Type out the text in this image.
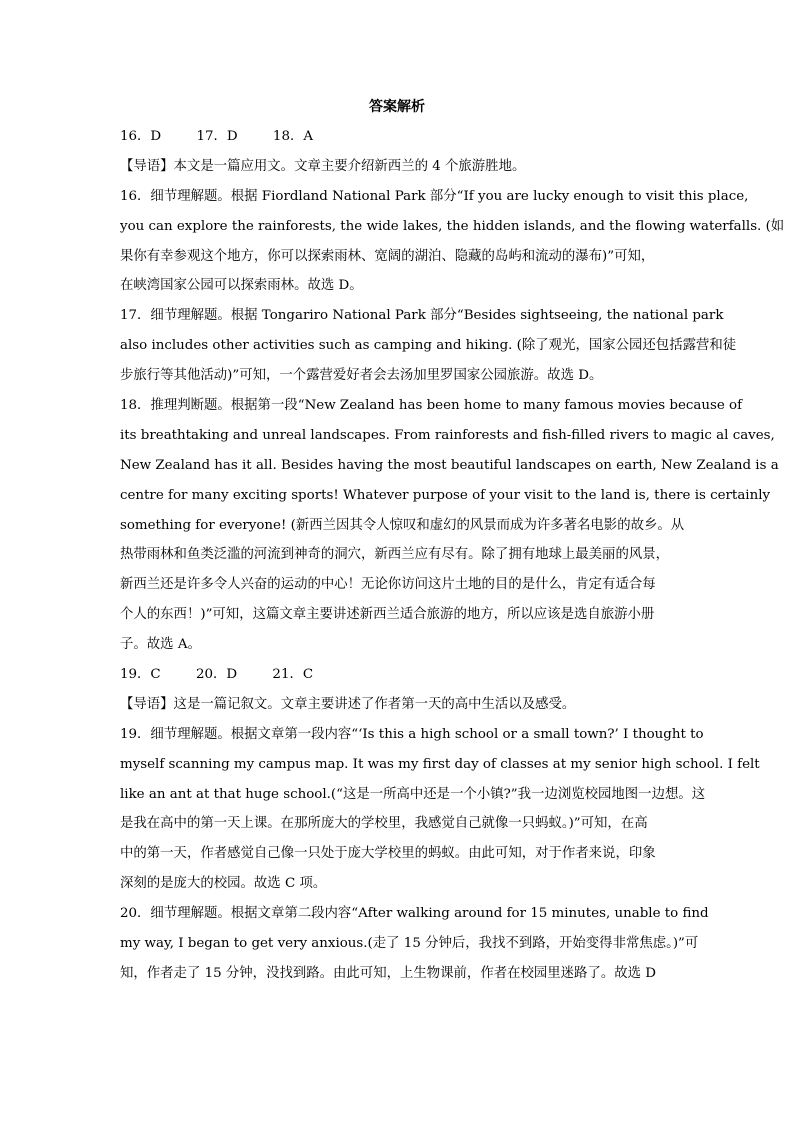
答案解析
16．D 　　 17．D 　　 18．A
【导语】本文是一篇应用文。文章主要介绍新西兰的 4 个旅游胜地。
16．细节理解题。根据 Fiordland National Park 部分“If you are lucky enough to visit this place,
you can explore the rainforests, the wide lakes, the hidden islands, and the flowing waterfalls. (如
果你有幸参观这个地方，你可以探索雨林、宽阔的湖泊、隐藏的岛屿和流动的瀑布)”可知，
在峡湾国家公园可以探索雨林。故选 D。
17．细节理解题。根据 Tongariro National Park 部分“Besides sightseeing, the national park
also includes other activities such as camping and hiking. (除了观光，国家公园还包括露营和徒
步旅行等其他活动)”可知，一个露营爱好者会去汤加里罗国家公园旅游。故选 D。
18．推理判断题。根据第一段“New Zealand has been home to many famous movies because of
its breathtaking and unreal landscapes. From rainforests and fish-filled rivers to magic al caves,
New Zealand has it all. Besides having the most beautiful landscapes on earth, New Zealand is a
centre for many exciting sports! Whatever purpose of your visit to the land is, there is certainly
something for everyone! (新西兰因其令人惊叹和虚幻的风景而成为许多著名电影的故乡。从
热带雨林和鱼类泛滥的河流到神奇的洞穴，新西兰应有尽有。除了拥有地球上最美丽的风景，
新西兰还是许多令人兴奋的运动的中心！无论你访问这片土地的目的是什么，肯定有适合每
个人的东西！)”可知，这篇文章主要讲述新西兰适合旅游的地方，所以应该是选自旅游小册
子。故选 A。
19．C 　　 20．D 　　 21．C
【导语】这是一篇记叙文。文章主要讲述了作者第一天的高中生活以及感受。
19．细节理解题。根据文章第一段内容“‘Is this a high school or a small town?’ I thought to
myself scanning my campus map. It was my first day of classes at my senior high school. I felt
like an ant at that huge school.(“这是一所高中还是一个小镇?”我一边浏览校园地图一边想。这
是我在高中的第一天上课。在那所庞大的学校里，我感觉自己就像一只蚂蚁。)”可知，在高
中的第一天，作者感觉自己像一只处于庞大学校里的蚂蚁。由此可知，对于作者来说，印象
深刻的是庞大的校园。故选 C 项。
20．细节理解题。根据文章第二段内容“After walking around for 15 minutes, unable to find
my way, I began to get very anxious.(走了 15 分钟后，我找不到路，开始变得非常焦虑。)”可
知，作者走了 15 分钟，没找到路。由此可知，上生物课前，作者在校园里迷路了。故选 D
